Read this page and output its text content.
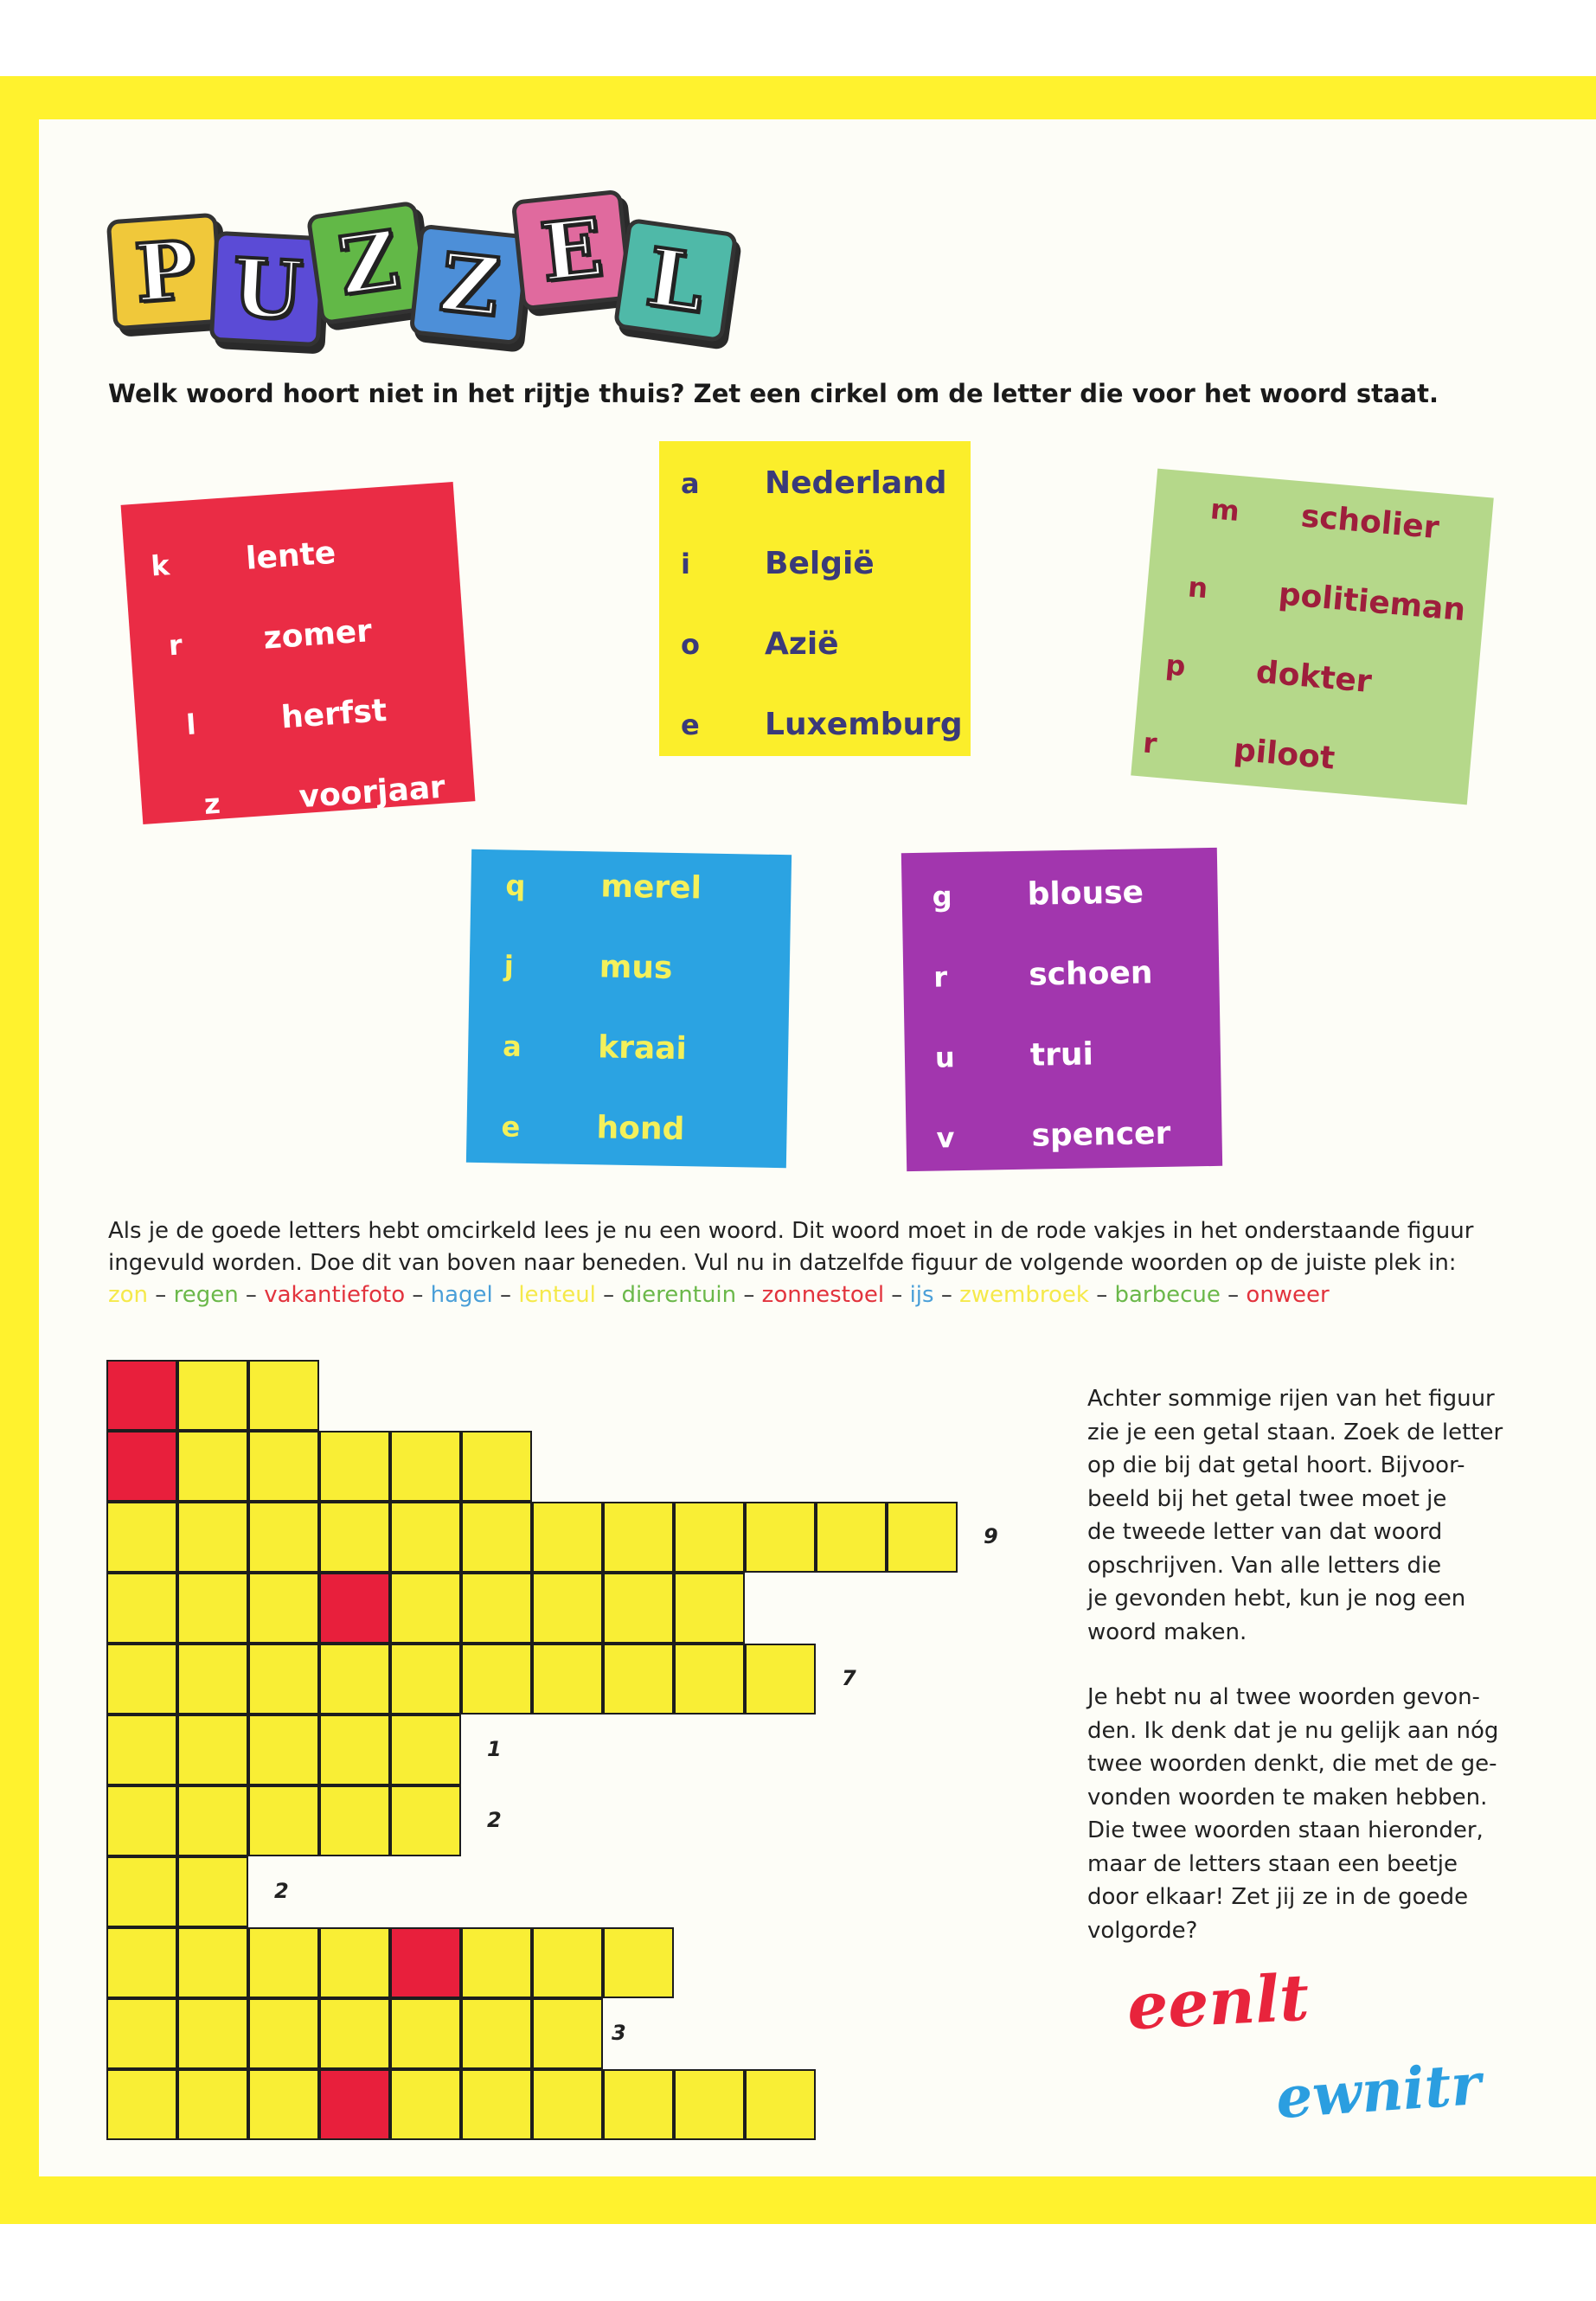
P U Z Z E L
Welk woord hoort niet in het rijtje thuis? Zet een cirkel om de letter die voor het woord staat.
k lente
r	zomer
l	herfst
z voorjaar
a Nederland
i België
o Azië
e Luxemburg
m scholier
n politieman
p dokter
r piloot
q merel
j	mus
a kraai
e hond
g blouse
r	schoen
u trui
v spencer
Als je de goede letters hebt omcirkeld lees je nu een woord. Dit woord moet in de rode vakjes in het onderstaande figuur
ingevuld worden. Doe dit van boven naar beneden. Vul nu in datzelfde figuur de volgende woorden op de juiste plek in:
zon – regen – vakantiefoto – hagel – lenteul – dierentuin – zonnestoel – ijs – zwembroek – barbecue – onweer
9
7
1
2
2
3
Achter sommige rijen van het figuur
zie je een getal staan. Zoek de letter
op die bij dat getal hoort. Bijvoor-
beeld bij het getal twee moet je
de tweede letter van dat woord
opschrijven. Van alle letters die
je gevonden hebt, kun je nog een
woord maken.
Je hebt nu al twee woorden gevon-
den. Ik denk dat je nu gelijk aan nóg
twee woorden denkt, die met de ge-
vonden woorden te maken hebben.
Die twee woorden staan hieronder,
maar de letters staan een beetje
door elkaar! Zet jij ze in de goede
volgorde?
eenlt
ewnitr
